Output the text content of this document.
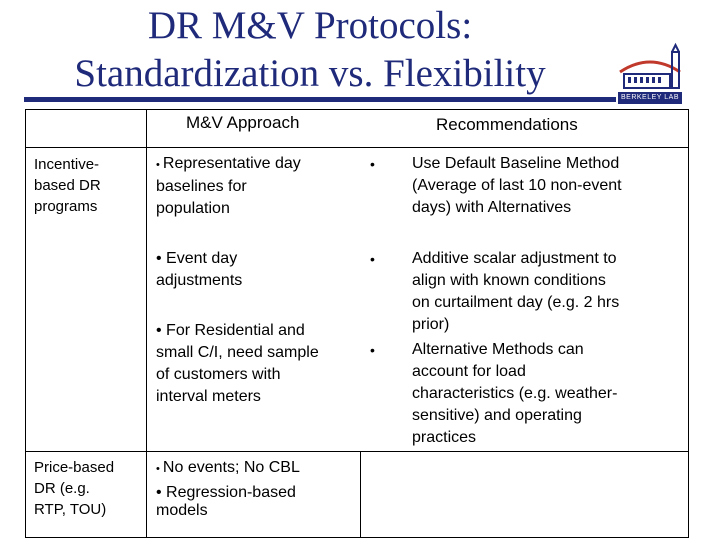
DR M&V Protocols:
Standardization vs. Flexibility
BERKELEY LAB
M&V Approach	Recommendations
Incentive-
based DR
programs
• Representative day
baselines for
population
• Event day
adjustments
• For Residential and
small C/I, need sample
of customers with
interval meters
•
•
•
Use Default Baseline Method
(Average of last 10 non-event
days) with Alternatives
Additive scalar adjustment to
align with known conditions
on curtailment day (e.g. 2 hrs
prior)
Alternative Methods can
account for load
characteristics (e.g. weather-
sensitive) and operating
practices
Price-based
DR (e.g.
RTP, TOU)
• No events; No CBL
• Regression-based
models
